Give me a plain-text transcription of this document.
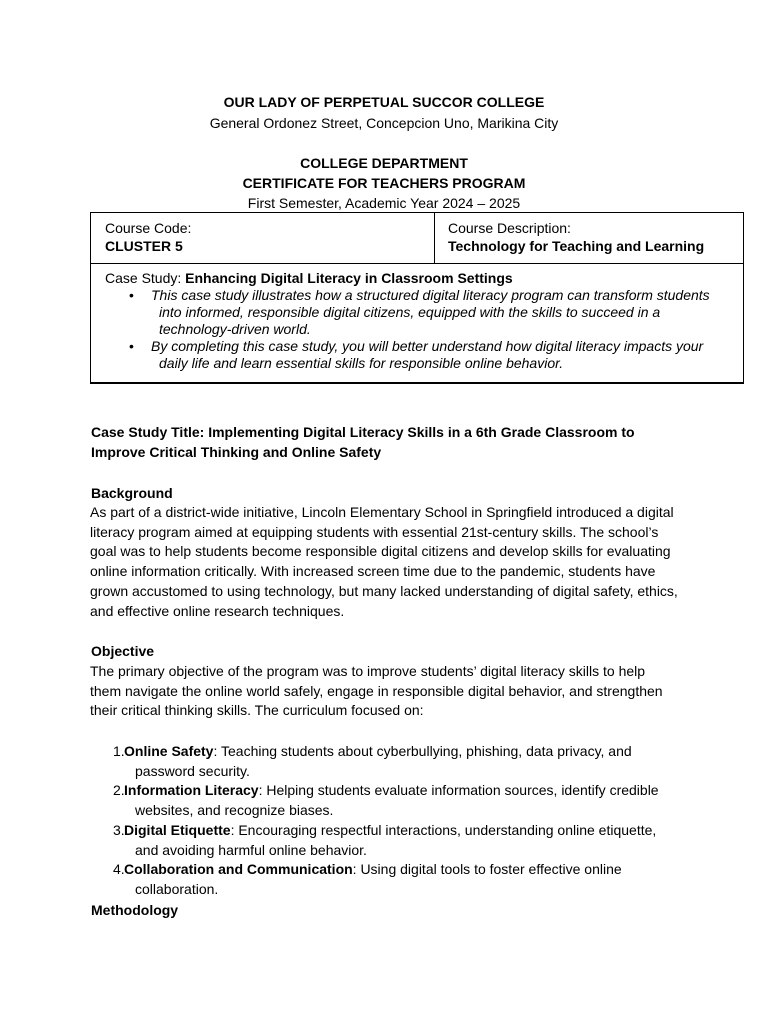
OUR LADY OF PERPETUAL SUCCOR COLLEGE
General Ordonez Street, Concepcion Uno, Marikina City
COLLEGE DEPARTMENT
CERTIFICATE FOR TEACHERS PROGRAM
First Semester, Academic Year 2024 – 2025
Course Code:
CLUSTER 5
Course Description:
Technology for Teaching and Learning
Case Study: Enhancing Digital Literacy in Classroom Settings
• This case study illustrates how a structured digital literacy program can transform students into informed, responsible digital citizens, equipped with the skills to succeed in a technology-driven world.
• By completing this case study, you will better understand how digital literacy impacts your daily life and learn essential skills for responsible online behavior.
Case Study Title: Implementing Digital Literacy Skills in a 6th Grade Classroom to Improve Critical Thinking and Online Safety
Background

As part of a district-wide initiative, Lincoln Elementary School in Springfield introduced a digital literacy program aimed at equipping students with essential 21st-century skills. The school’s goal was to help students become responsible digital citizens and develop skills for evaluating online information critically. With increased screen time due to the pandemic, students have grown accustomed to using technology, but many lacked understanding of digital safety, ethics, and effective online research techniques.

Objective

The primary objective of the program was to improve students’ digital literacy skills to help them navigate the online world safely, engage in responsible digital behavior, and strengthen their critical thinking skills. The curriculum focused on:

1. Online Safety: Teaching students about cyberbullying, phishing, data privacy, and password security.
2. Information Literacy: Helping students evaluate information sources, identify credible websites, and recognize biases.
3. Digital Etiquette: Encouraging respectful interactions, understanding online etiquette, and avoiding harmful online behavior.
4. Collaboration and Communication: Using digital tools to foster effective online collaboration.
Methodology
